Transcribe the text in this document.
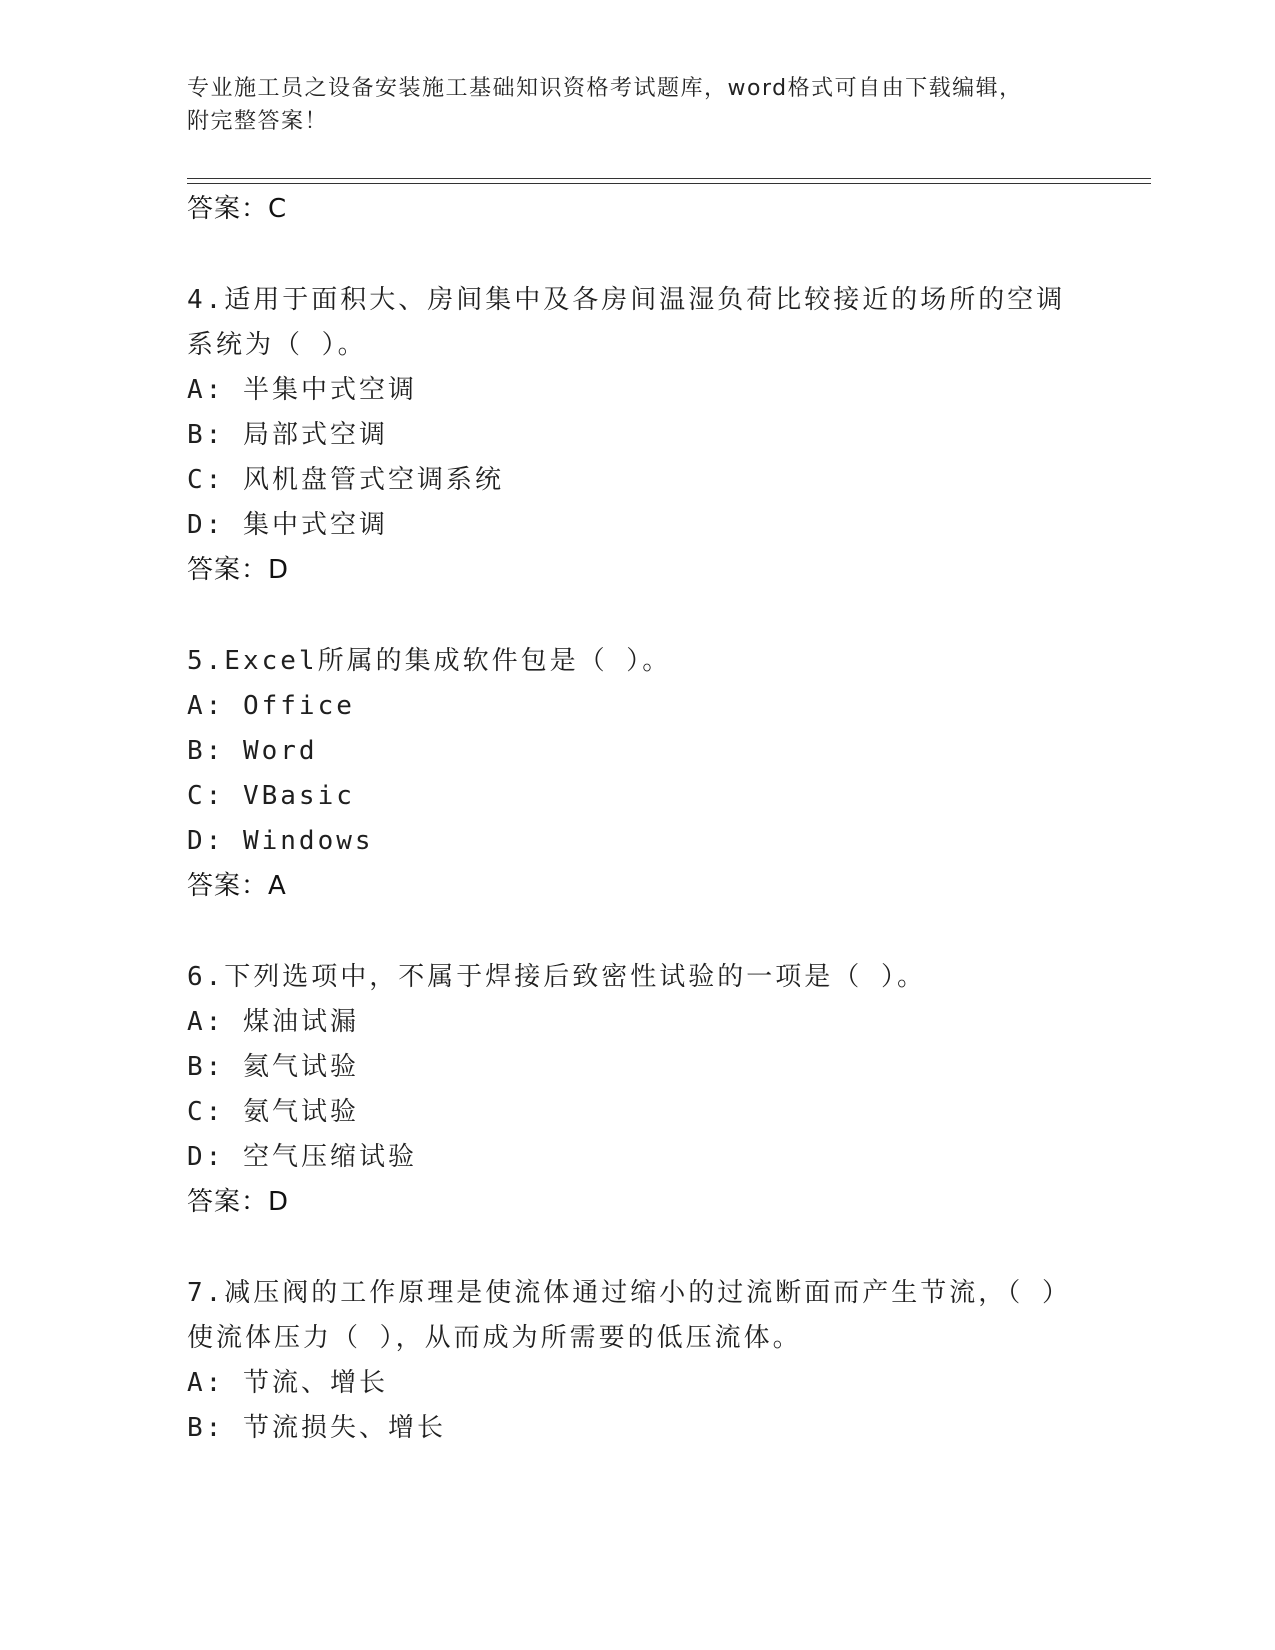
专业施工员之设备安装施工基础知识资格考试题库，word格式可自由下载编辑，
附完整答案！
答案：C
4.适用于面积大、房间集中及各房间温湿负荷比较接近的场所的空调
系统为（ ）。
A: 半集中式空调
B: 局部式空调
C: 风机盘管式空调系统
D: 集中式空调
答案：D
5.Excel所属的集成软件包是（ ）。
A: Office
B: Word
C: VBasic
D: Windows
答案：A
6.下列选项中，不属于焊接后致密性试验的一项是（ ）。
A: 煤油试漏
B: 氦气试验
C: 氨气试验
D: 空气压缩试验
答案：D
7.减压阀的工作原理是使流体通过缩小的过流断面而产生节流，（ ）
使流体压力（ ），从而成为所需要的低压流体。
A: 节流、增长
B: 节流损失、增长
